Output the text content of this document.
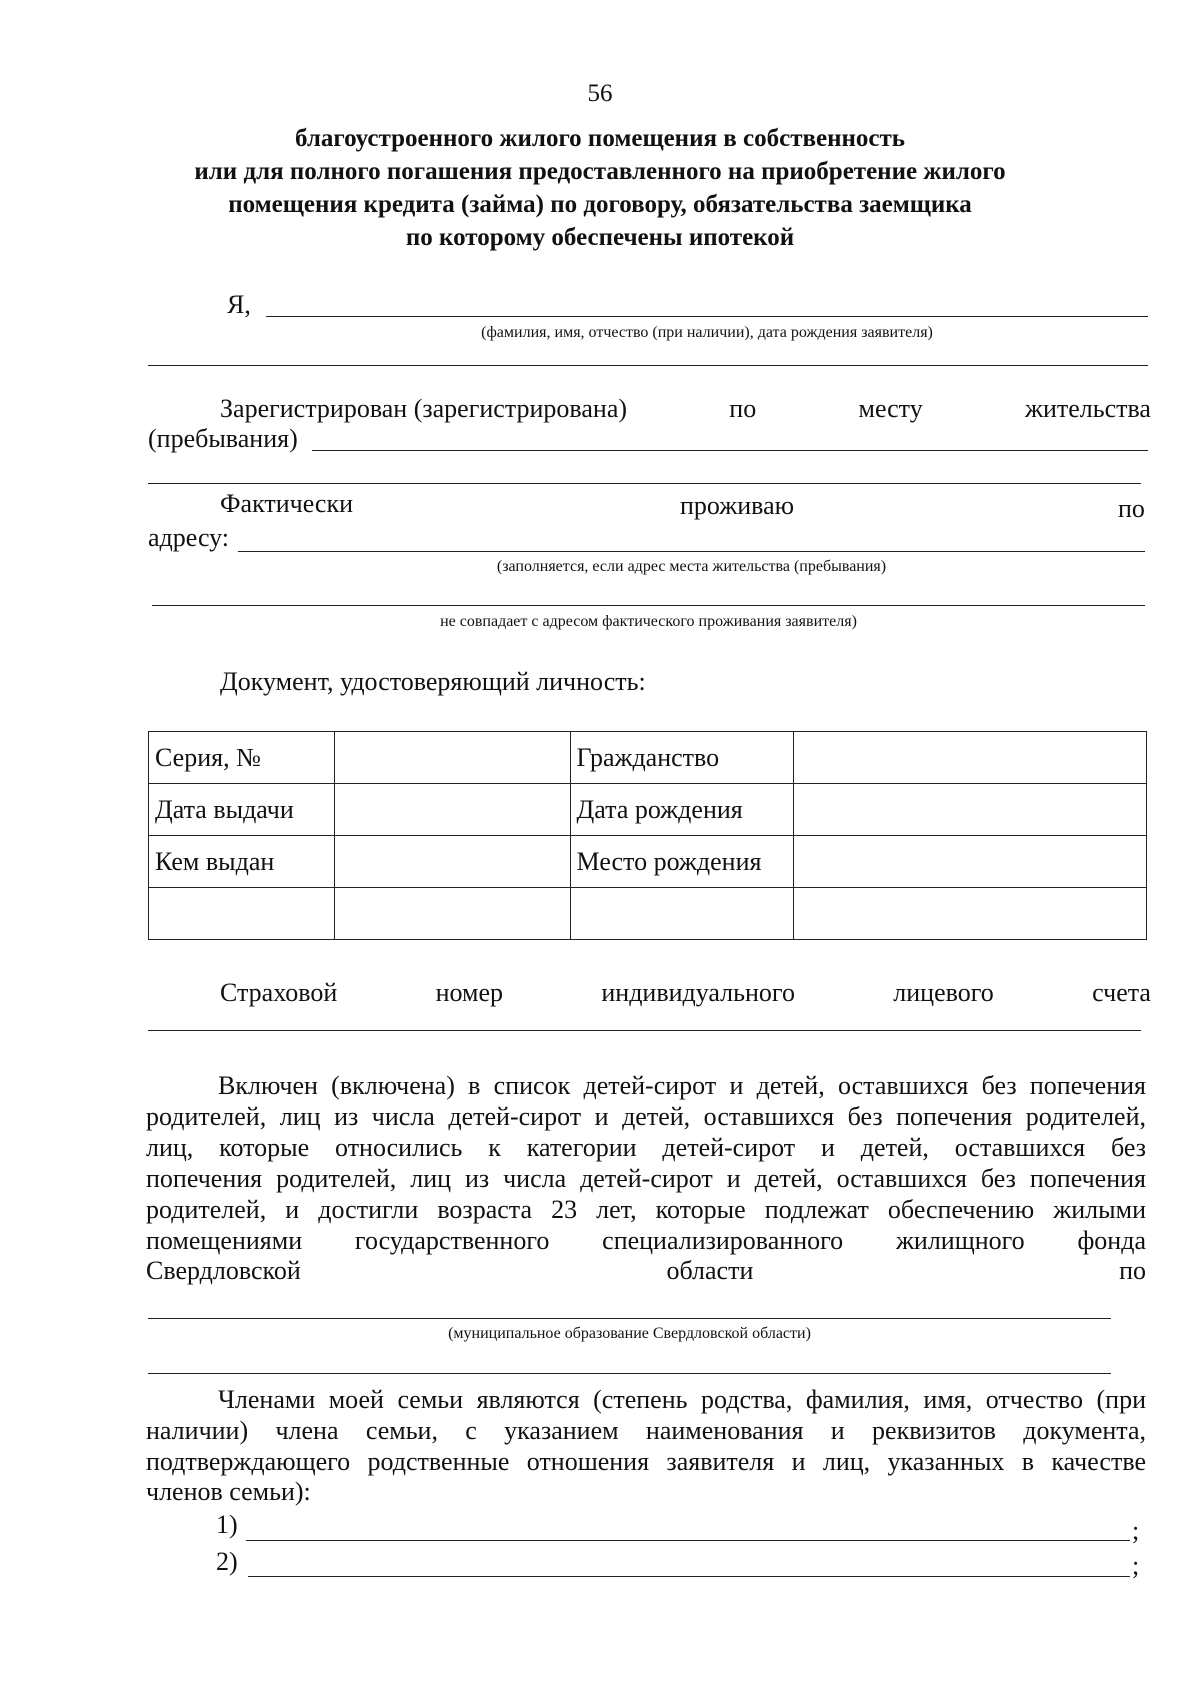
56
благоустроенного жилого помещения в собственность
или для полного погашения предоставленного на приобретение жилого
помещения кредита (займа) по договору, обязательства заемщика
по которому обеспечены ипотекой
Я,
(фамилия, имя, отчество (при наличии), дата рождения заявителя)
Зарегистрирован (зарегистрирована)	по	месту	жительства
(пребывания)
Фактически	проживаю	по
адресу:
(заполняется, если адрес места жительства (пребывания)
не совпадает с адресом фактического проживания заявителя)
Документ, удостоверяющий личность:
Серия, №		Гражданство	
Дата выдачи		Дата рождения	
Кем выдан		Место рождения	

Страховой	номер	индивидуального	лицевого	счета
Включен (включена) в список детей-сирот и детей, оставшихся без попечения
родителей, лиц из числа детей-сирот и детей, оставшихся без попечения родителей,
лиц, которые относились к категории детей-сирот и детей, оставшихся без
попечения родителей, лиц из числа детей-сирот и детей, оставшихся без попечения
родителей, и достигли возраста 23 лет, которые подлежат обеспечению жилыми
помещениями государственного специализированного жилищного фонда
Свердловской	области	по
(муниципальное образование Свердловской области)
Членами моей семьи являются (степень родства, фамилия, имя, отчество (при
наличии) члена семьи, с указанием наименования и реквизитов документа,
подтверждающего родственные отношения заявителя и лиц, указанных в качестве
членов семьи):
1)	;
2)	;
